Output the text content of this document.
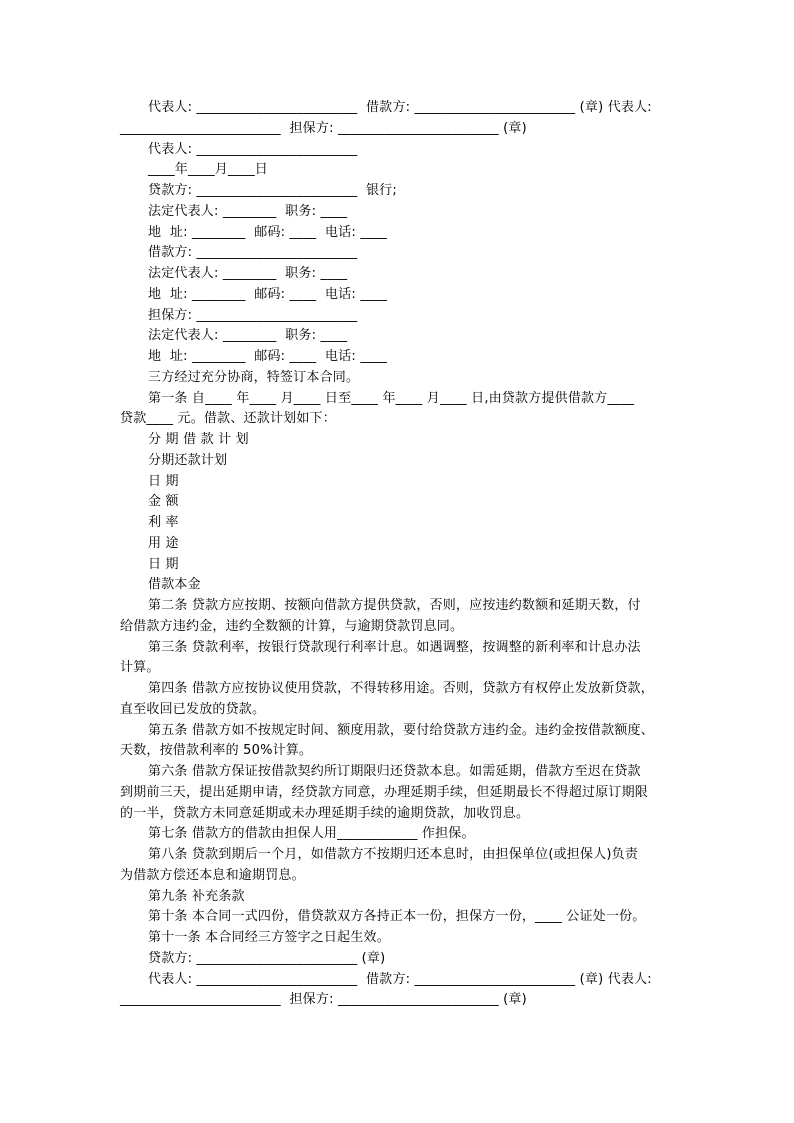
代表人: ________________________  借款方: ________________________ (章) 代表人:
________________________  担保方: ________________________ (章)
代表人: ________________________
____年____月____日
贷款方: ________________________  银行;
法定代表人: ________  职务: ____
地  址: ________  邮码: ____  电话: ____
借款方: ________________________
法定代表人: ________  职务: ____
地  址: ________  邮码: ____  电话: ____
担保方: ________________________
法定代表人: ________  职务: ____
地  址: ________  邮码: ____  电话: ____
三方经过充分协商，特签订本合同。
第一条 自____ 年____ 月____ 日至____ 年____ 月____ 日,由贷款方提供借款方____
贷款____ 元。借款、还款计划如下：
分 期 借 款 计 划
分期还款计划
日 期
金 额
利 率
用 途
日 期
借款本金
第二条 贷款方应按期、按额向借款方提供贷款，否则，应按违约数额和延期天数，付
给借款方违约金，违约全数额的计算，与逾期贷款罚息同。
第三条 贷款利率，按银行贷款现行利率计息。如遇调整，按调整的新利率和计息办法
计算。
第四条 借款方应按协议使用贷款，不得转移用途。否则，贷款方有权停止发放新贷款，
直至收回已发放的贷款。
第五条 借款方如不按规定时间、额度用款，要付给贷款方违约金。违约金按借款额度、
天数，按借款利率的 50%计算。
第六条 借款方保证按借款契约所订期限归还贷款本息。如需延期，借款方至迟在贷款
到期前三天，提出延期申请，经贷款方同意，办理延期手续，但延期最长不得超过原订期限
的一半，贷款方未同意延期或未办理延期手续的逾期贷款，加收罚息。
第七条 借款方的借款由担保人用____________ 作担保。
第八条 贷款到期后一个月，如借款方不按期归还本息时，由担保单位(或担保人)负责
为借款方偿还本息和逾期罚息。
第九条 补充条款
第十条 本合同一式四份，借贷款双方各持正本一份，担保方一份，____ 公证处一份。
第十一条 本合同经三方签字之日起生效。
贷款方: ________________________ (章)
代表人: ________________________  借款方: ________________________ (章) 代表人:
________________________  担保方: ________________________ (章)
